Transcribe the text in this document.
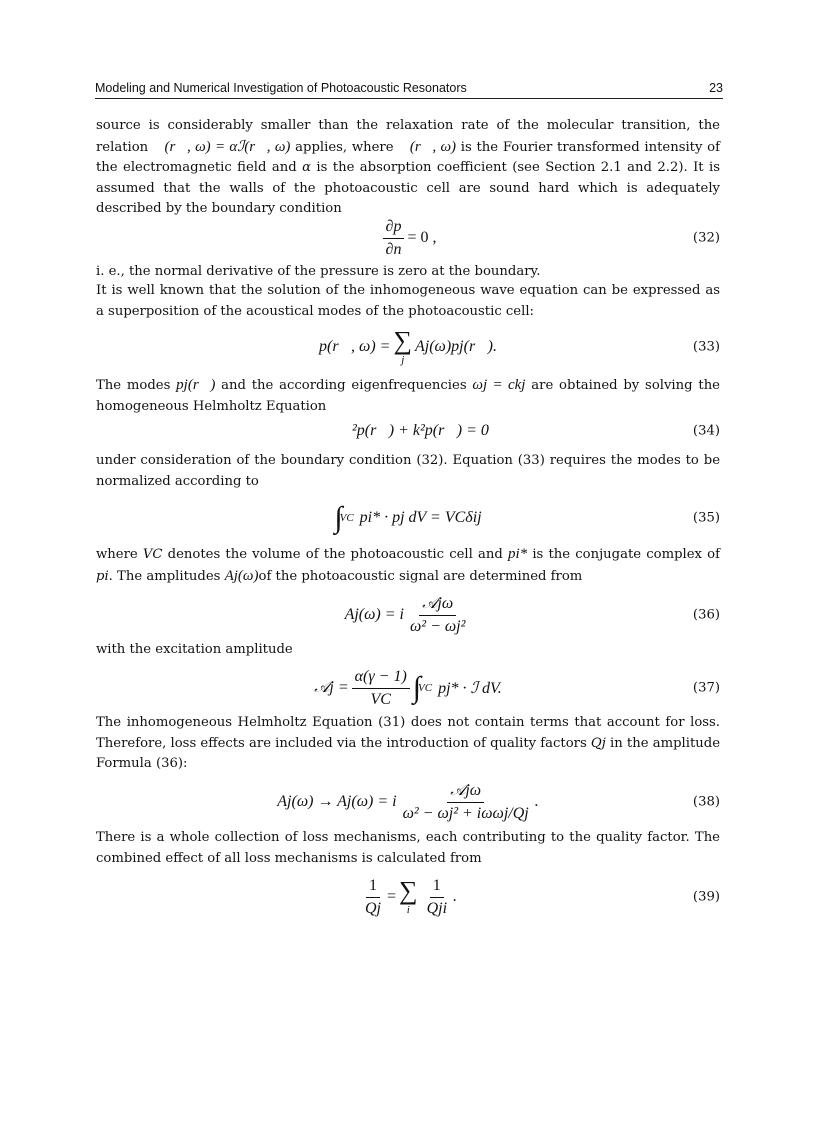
Modeling and Numerical Investigation of Photoacoustic Resonators	23

source is considerably smaller than the relaxation rate of the molecular transition, the relation ℋ(r⃗, ω) = αℐ(r⃗, ω) applies, where ℐ(r⃗, ω) is the Fourier transformed intensity of the electromagnetic field and α is the absorption coefficient (see Section 2.1 and 2.2). It is assumed that the walls of the photoacoustic cell are sound hard which is adequately described by the boundary condition

$\frac{\partial p}{\partial n} = 0$ ,	(32)

i. e., the normal derivative of the pressure is zero at the boundary.

It is well known that the solution of the inhomogeneous wave equation can be expressed as a superposition of the acoustical modes of the photoacoustic cell:

p(r⃗, ω) = ∑
j
Aj(ω)pj(r⃗).	(33)

The modes pj(r⃗) and the according eigenfrequencies ωj = ckj are obtained by solving the homogeneous Helmholtz Equation

∇⃗²p(r⃗) + k²p(r⃗) = 0	(34)

under consideration of the boundary condition (32). Equation (33) requires the modes to be normalized according to

∫
VC pi* · pj dV = VCδij	(35)

where VC denotes the volume of the photoacoustic cell and pi* is the conjugate complex of pi. The amplitudes Aj(ω)of the photoacoustic signal are determined from

Aj(ω) = i $\frac{\text{𝒜jω}}{\text{ω² − ωj²}}$	(36)

with the excitation amplitude

𝒜j = $\frac{\alpha(\gamma - 1)}{VC}$ ∫
VC pj* · ℐ dV.	(37)

The inhomogeneous Helmholtz Equation (31) does not contain terms that account for loss. Therefore, loss effects are included via the introduction of quality factors Qj in the amplitude Formula (36):

Aj(ω) → Aj(ω) = i $\frac{\text{𝒜jω}}{\text{ω² − ωj² + iωωj/Qj}}$ .	(38)

There is a whole collection of loss mechanisms, each contributing to the quality factor. The combined effect of all loss mechanisms is calculated from

$\frac{1}{Qj}$ = ∑
i $\frac{1}{\text{Qji}}$ .	(39)
